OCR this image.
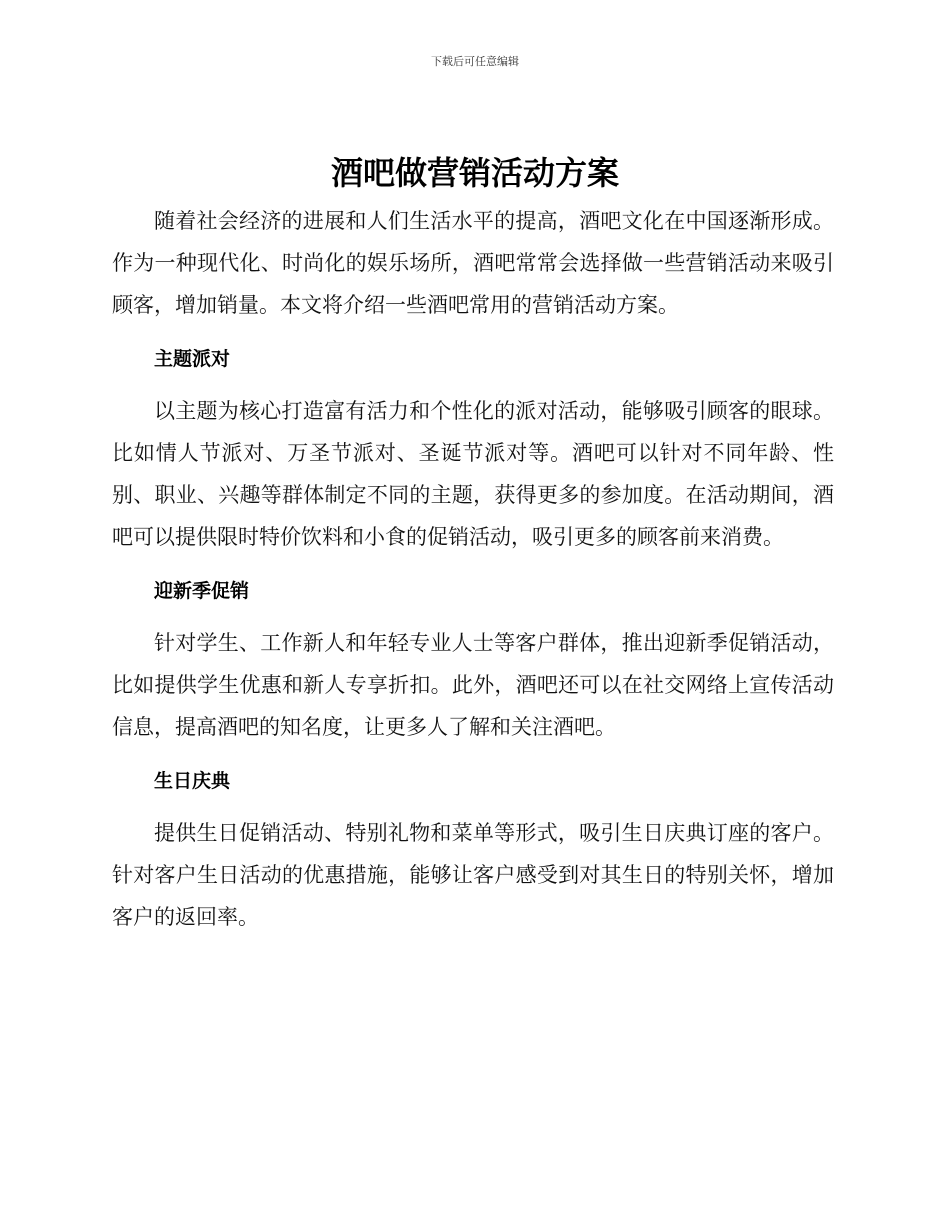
下载后可任意编辑
酒吧做营销活动方案

随着社会经济的进展和人们生活水平的提高，酒吧文化在中国逐渐形成。作为一种现代化、时尚化的娱乐场所，酒吧常常会选择做一些营销活动来吸引顾客，增加销量。本文将介绍一些酒吧常用的营销活动方案。

主题派对

以主题为核心打造富有活力和个性化的派对活动，能够吸引顾客的眼球。比如情人节派对、万圣节派对、圣诞节派对等。酒吧可以针对不同年龄、性别、职业、兴趣等群体制定不同的主题，获得更多的参加度。在活动期间，酒吧可以提供限时特价饮料和小食的促销活动，吸引更多的顾客前来消费。

迎新季促销

针对学生、工作新人和年轻专业人士等客户群体，推出迎新季促销活动，比如提供学生优惠和新人专享折扣。此外，酒吧还可以在社交网络上宣传活动信息，提高酒吧的知名度，让更多人了解和关注酒吧。

生日庆典

提供生日促销活动、特别礼物和菜单等形式，吸引生日庆典订座的客户。针对客户生日活动的优惠措施，能够让客户感受到对其生日的特别关怀，增加客户的返回率。
